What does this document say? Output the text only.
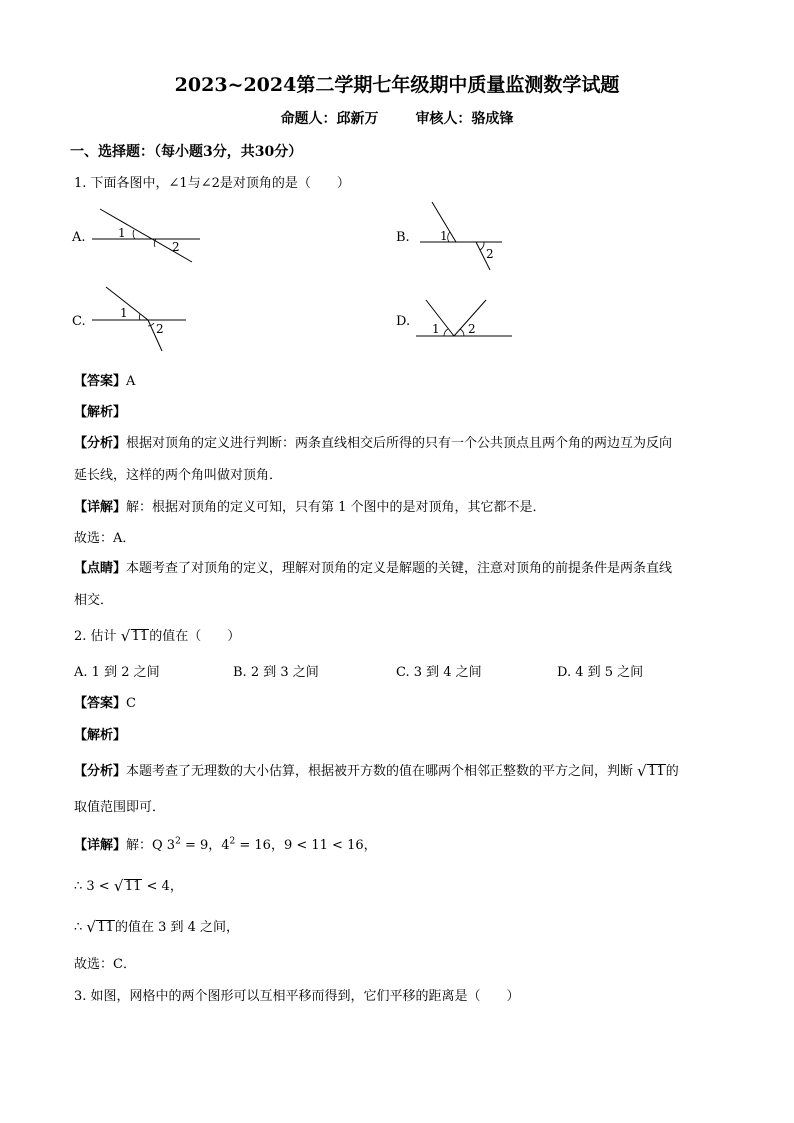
2023~2024第二学期七年级期中质量监测数学试题
命题人：邱新万	审核人：骆成锋
一、选择题：（每小题3分，共30分）
1. 下面各图中，∠1与∠2是对顶角的是（　　）
A.	1
2
B.	1
2
C.
1
2	D. 1 2
【答案】A
【解析】
【分析】根据对顶角的定义进行判断：两条直线相交后所得的只有一个公共顶点且两个角的两边互为反向
延长线，这样的两个角叫做对顶角．
【详解】解：根据对顶角的定义可知，只有第 1 个图中的是对顶角，其它都不是．
故选：A．
【点睛】本题考查了对顶角的定义，理解对顶角的定义是解题的关键，注意对顶角的前提条件是两条直线
相交．
2. 估计 √ 11的值在（　　）
A. 1 到 2 之间	B. 2 到 3 之间	C. 3 到 4 之间	D. 4 到 5 之间
【答案】C
【解析】
【分析】本题考查了无理数的大小估算，根据被开方数的值在哪两个相邻正整数的平方之间，判断 √ 11的
取值范围即可．
【详解】解：Q $3^2 = 9$，$4^2 = 16$，9 < 11 < 16，
∴ 3 < √ 11 < 4，
∴ √ 11的值在 3 到 4 之间，
故选：C．
3. 如图，网格中的两个图形可以互相平移而得到，它们平移的距离是（　　）
